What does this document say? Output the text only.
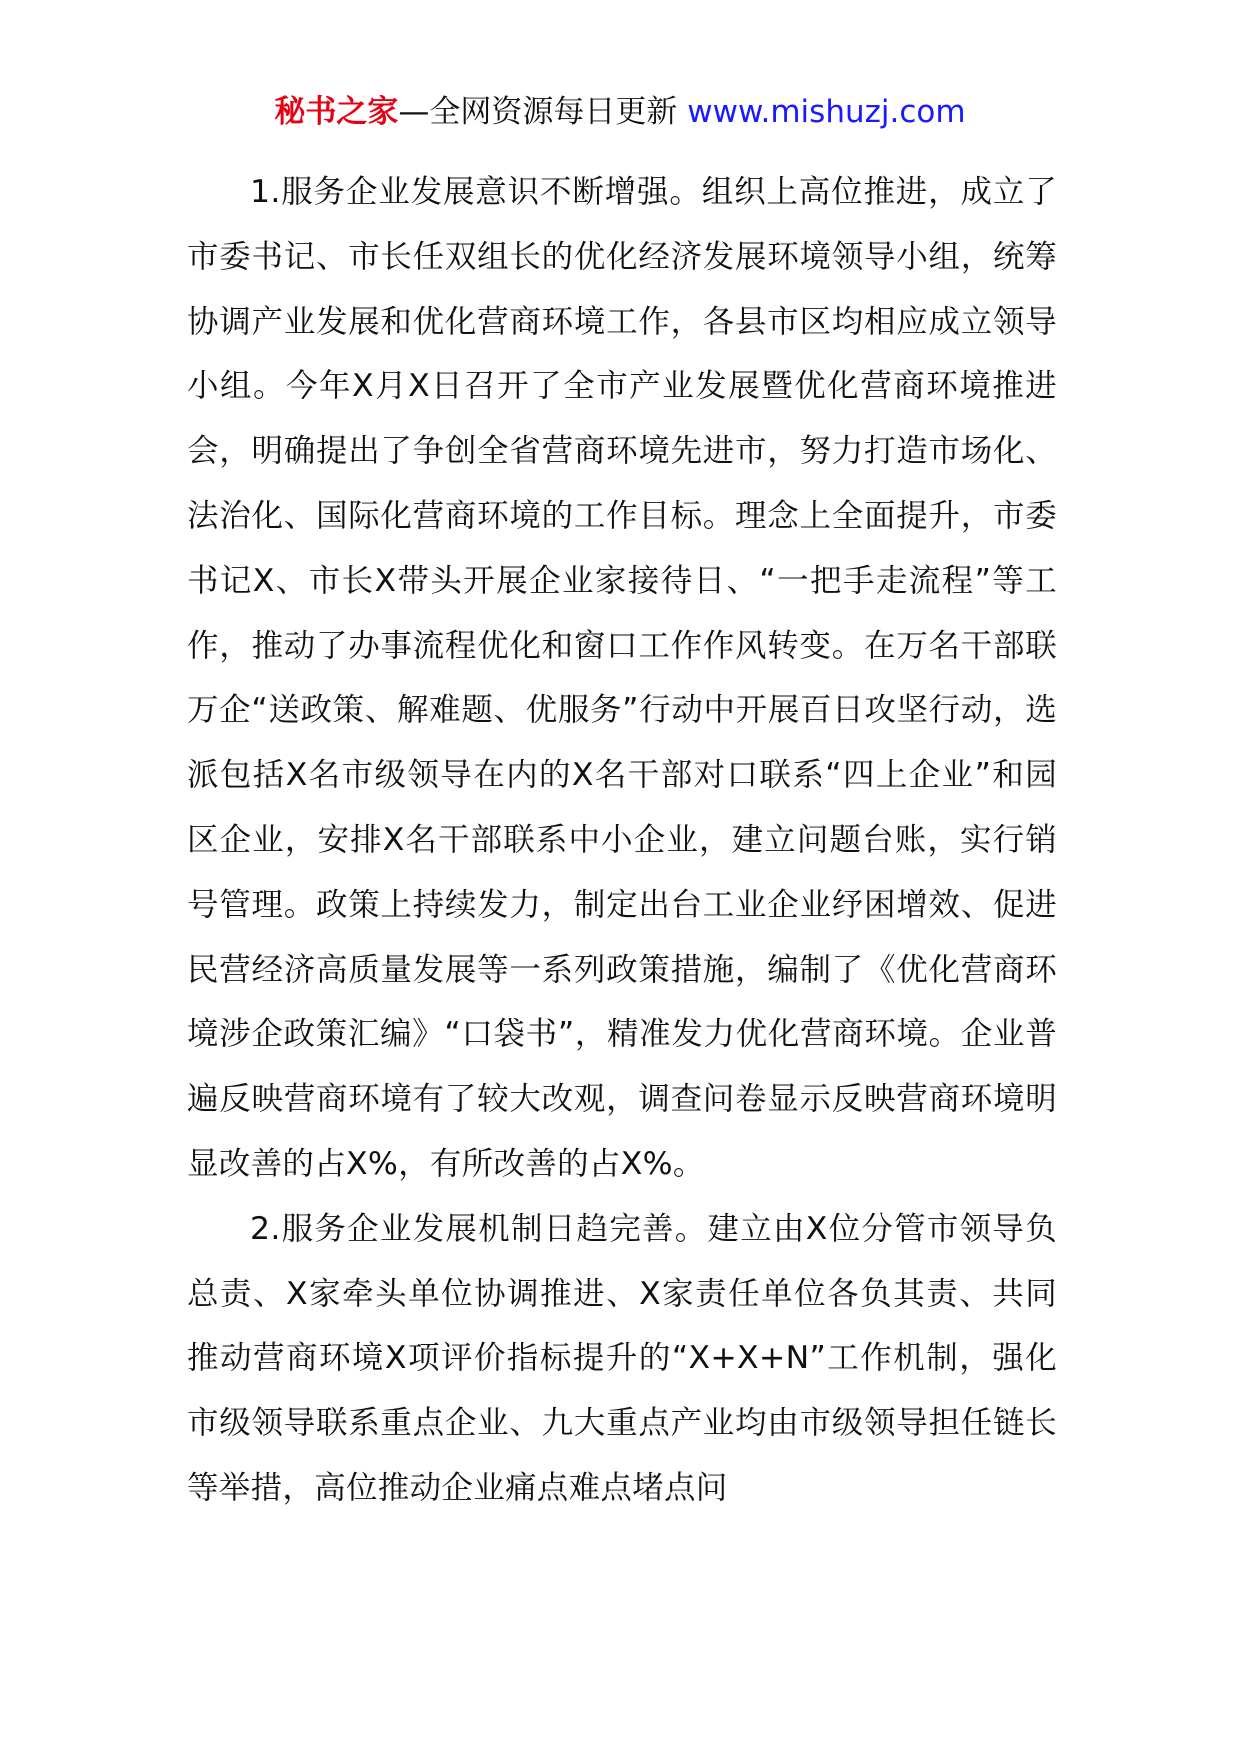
秘书之家—全网资源每日更新 www.mishuzj.com

1.服务企业发展意识不断增强。组织上高位推进，成立了市委书记、市长任双组长的优化经济发展环境领导小组，统筹协调产业发展和优化营商环境工作，各县市区均相应成立领导小组。今年X月X日召开了全市产业发展暨优化营商环境推进会，明确提出了争创全省营商环境先进市，努力打造市场化、法治化、国际化营商环境的工作目标。理念上全面提升，市委书记X、市长X带头开展企业家接待日、“一把手走流程”等工作，推动了办事流程优化和窗口工作作风转变。在万名干部联万企“送政策、解难题、优服务”行动中开展百日攻坚行动，选派包括X名市级领导在内的X名干部对口联系“四上企业”和园区企业，安排X名干部联系中小企业，建立问题台账，实行销号管理。政策上持续发力，制定出台工业企业纾困增效、促进民营经济高质量发展等一系列政策措施，编制了《优化营商环境涉企政策汇编》“口袋书”，精准发力优化营商环境。企业普遍反映营商环境有了较大改观，调查问卷显示反映营商环境明显改善的占X%，有所改善的占X%。

2.服务企业发展机制日趋完善。建立由X位分管市领导负总责、X家牵头单位协调推进、X家责任单位各负其责、共同推动营商环境X项评价指标提升的“X+X+N”工作机制，强化市级领导联系重点企业、九大重点产业均由市级领导担任链长等举措，高位推动企业痛点难点堵点问
